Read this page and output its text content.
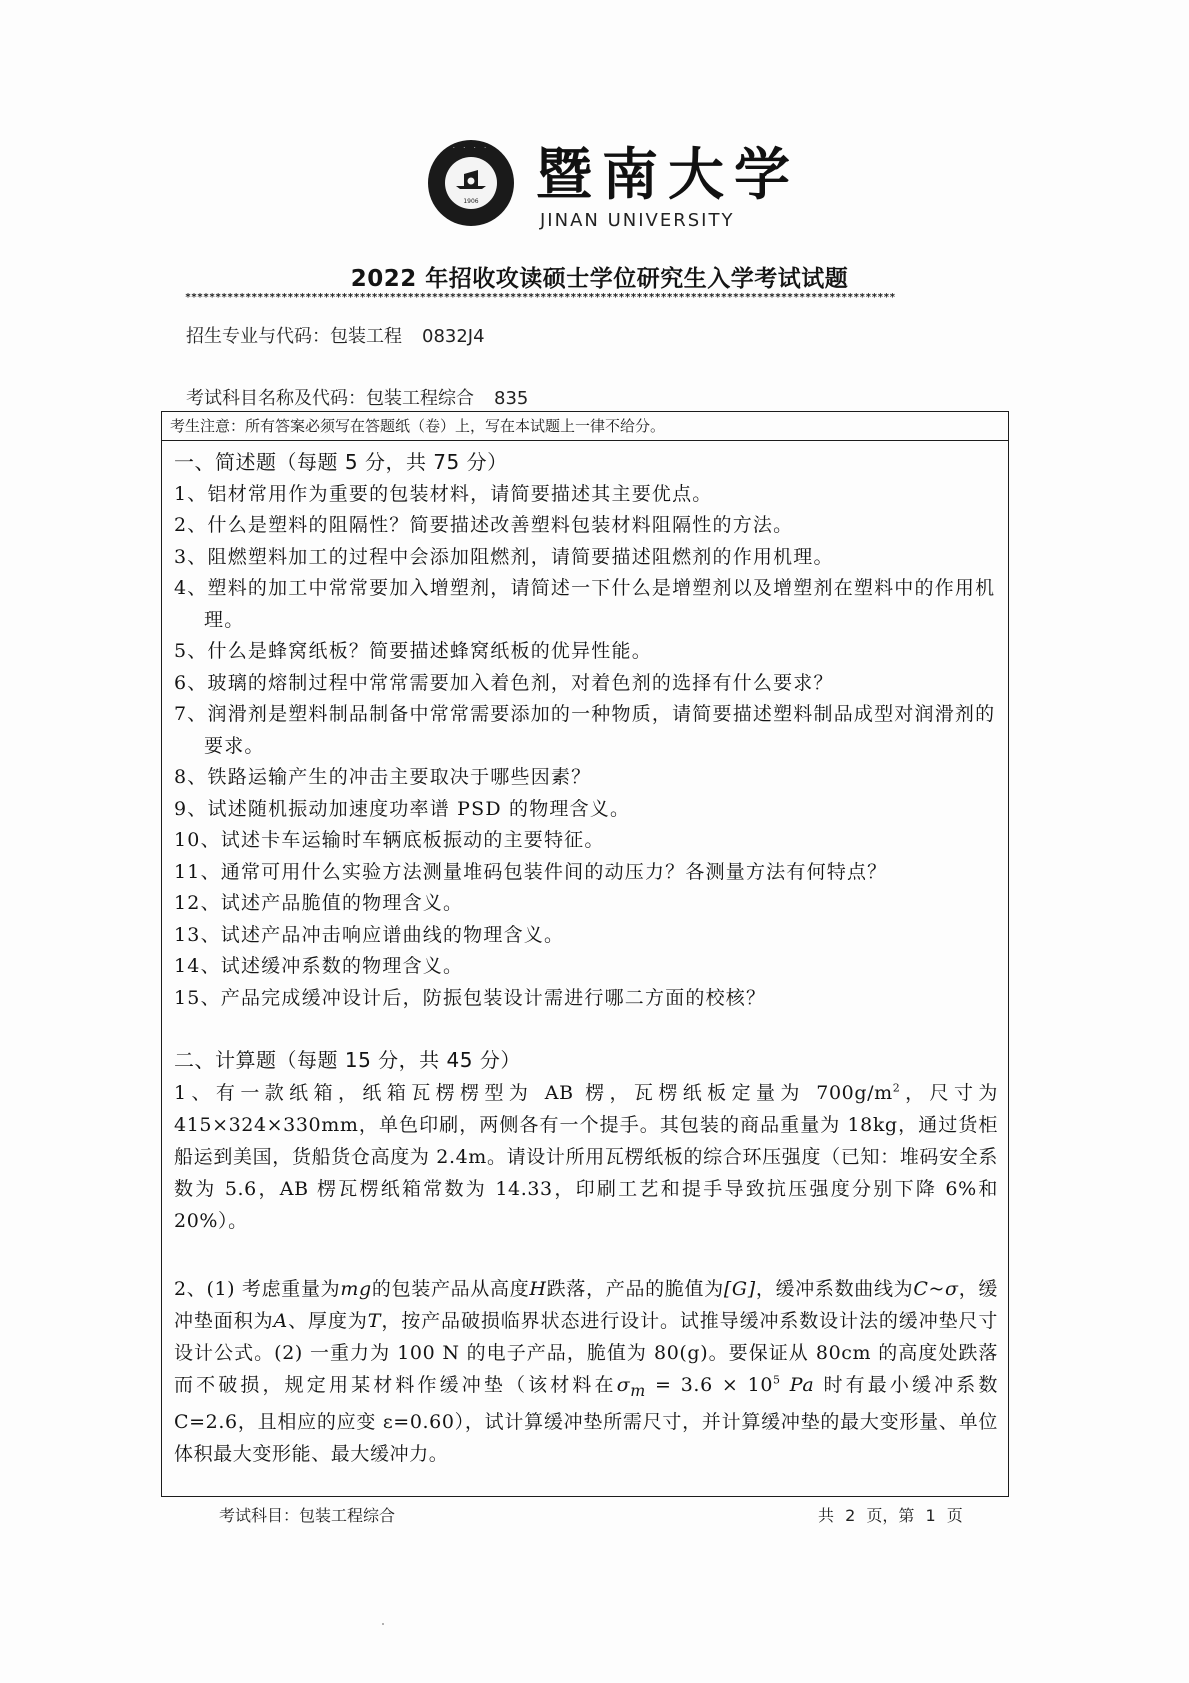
· · · ·
1906	暨南大学
JINAN UNIVERSITY
2022 年招收攻读硕士学位研究生入学考试试题
**********************************************************************************************************************
招生专业与代码：包装工程 0832J4
考试科目名称及代码：包装工程综合 835
考生注意：所有答案必须写在答题纸（卷）上，写在本试题上一律不给分。
一、简述题（每题 5 分，共 75 分）
1、铝材常用作为重要的包装材料，请简要描述其主要优点。
2、什么是塑料的阻隔性？简要描述改善塑料包装材料阻隔性的方法。
3、阻燃塑料加工的过程中会添加阻燃剂，请简要描述阻燃剂的作用机理。
4、塑料的加工中常常要加入增塑剂，请简述一下什么是增塑剂以及增塑剂在塑料中的作用机理。
5、什么是蜂窝纸板？简要描述蜂窝纸板的优异性能。
6、玻璃的熔制过程中常常需要加入着色剂，对着色剂的选择有什么要求？
7、润滑剂是塑料制品制备中常常需要添加的一种物质，请简要描述塑料制品成型对润滑剂的要求。
8、铁路运输产生的冲击主要取决于哪些因素？
9、试述随机振动加速度功率谱 PSD 的物理含义。
10、试述卡车运输时车辆底板振动的主要特征。
11、通常可用什么实验方法测量堆码包装件间的动压力？各测量方法有何特点？
12、试述产品脆值的物理含义。
13、试述产品冲击响应谱曲线的物理含义。
14、试述缓冲系数的物理含义。
15、产品完成缓冲设计后，防振包装设计需进行哪二方面的校核？
二、计算题（每题 15 分，共 45 分）
1、有一款纸箱，纸箱瓦楞楞型为 AB 楞，瓦楞纸板定量为 $700g/m^2$，尺寸为 415×324×330mm，单色印刷，两侧各有一个提手。其包装的商品重量为 18kg，通过货柜船运到美国，货船货仓高度为 2.4m。请设计所用瓦楞纸板的综合环压强度（已知：堆码安全系数为 5.6，AB 楞瓦楞纸箱常数为 14.33，印刷工艺和提手导致抗压强度分别下降 6%和 20%）。
2、(1) 考虑重量为mg的包装产品从高度H跌落，产品的脆值为[G]，缓冲系数曲线为C~σ，缓冲垫面积为A、厚度为T，按产品破损临界状态进行设计。试推导缓冲系数设计法的缓冲垫尺寸设计公式。(2) 一重力为 100 N 的电子产品，脆值为 80(g)。要保证从 80cm 的高度处跌落而不破损，规定用某材料作缓冲垫（该材料在$\sigma_m = 3.6 \times 10^5$ Pa 时有最小缓冲系数 C=2.6，且相应的应变 ε=0.60），试计算缓冲垫所需尺寸，并计算缓冲垫的最大变形量、单位体积最大变形能、最大缓冲力。
考试科目：包装工程综合	共 2 页，第 1 页
